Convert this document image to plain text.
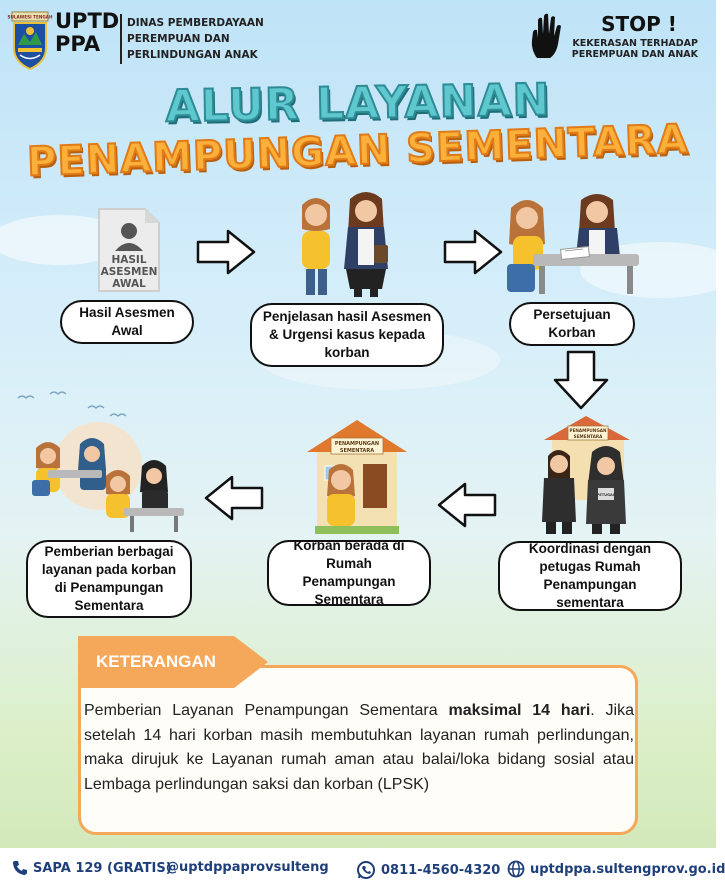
SULAWESI TENGAH UPTD
PPA
DINAS PEMBERDAYAAN
PEREMPUAN DAN
PERLINDUNGAN ANAK
STOP !
KEKERASAN TERHADAP
PEREMPUAN DAN ANAK
ALUR LAYANAN
PENAMPUNGAN SEMENTARA
HASIL
ASESMEN
AWAL
Hasil Asesmen
Awal
Penjelasan hasil Asesmen
& Urgensi kasus kepada
korban
Persetujuan
Korban
PENAMPUNGAN
SEMENTARA
PETUGAS
Koordinasi dengan
petugas Rumah
Penampungan sementara
PENAMPUNGAN
SEMENTARA
Korban berada di
Rumah Penampungan
Sementara
Pemberian berbagai
layanan pada korban
di Penampungan
Sementara
KETERANGAN
Pemberian Layanan Penampungan Sementara maksimal 14 hari. Jika setelah 14 hari korban masih membutuhkan layanan rumah perlindungan, maka dirujuk ke Layanan rumah aman atau balai/loka bidang sosial atau Lembaga perlindungan saksi dan korban (LPSK)
SAPA 129 (GRATIS)
@uptdppaprovsulteng	0811-4560-4320 uptdppa.sultengprov.go.id
